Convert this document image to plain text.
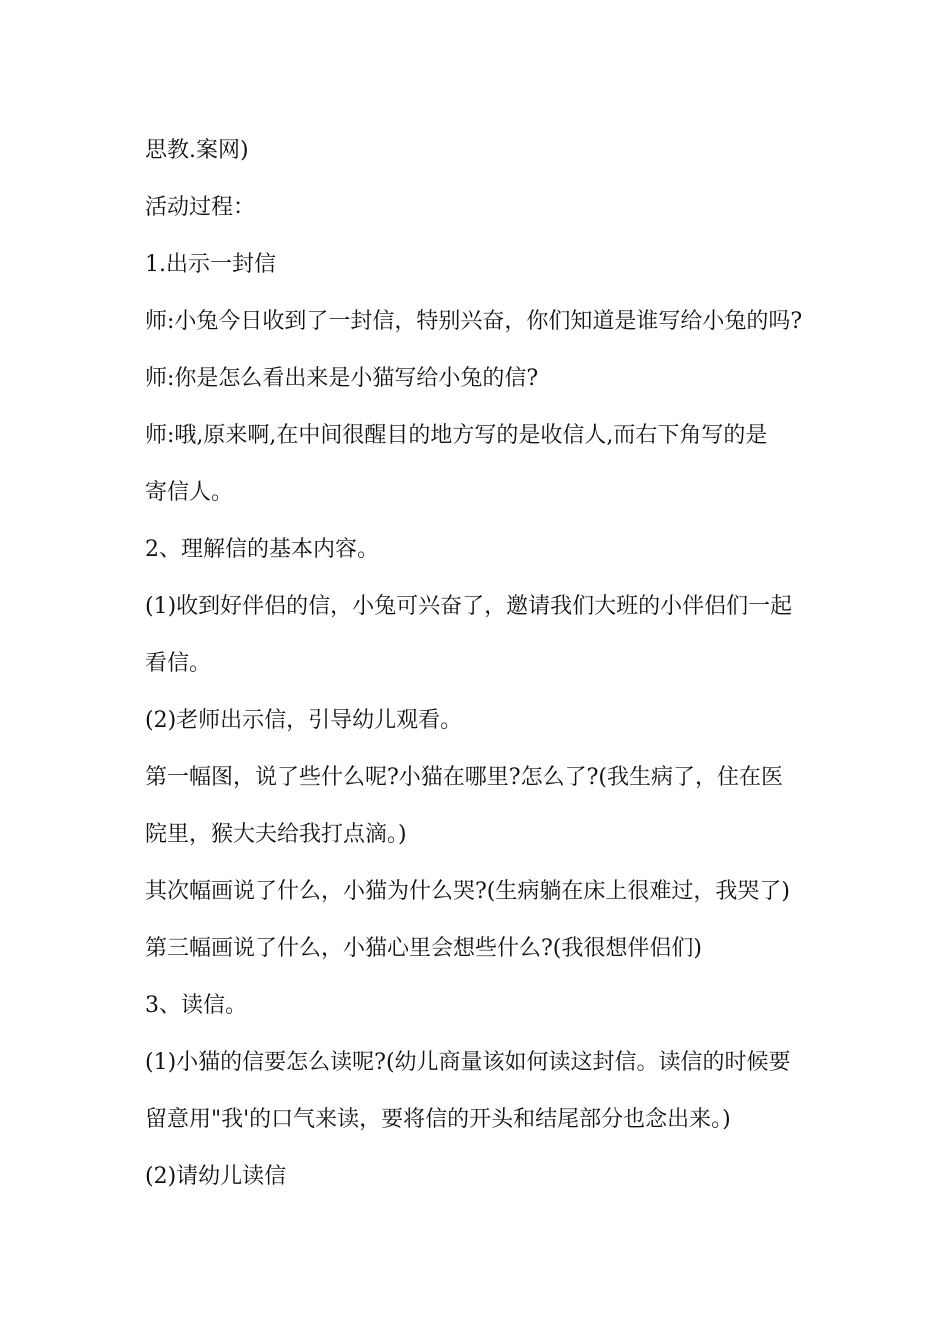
思教.案网)

活动过程：

1.出示一封信

师:小兔今日收到了一封信，特别兴奋，你们知道是谁写给小兔的吗?

师:你是怎么看出来是小猫写给小兔的信?

师:哦,原来啊,在中间很醒目的地方写的是收信人,而右下角写的是

寄信人。

2、理解信的基本内容。

(1)收到好伴侣的信，小兔可兴奋了，邀请我们大班的小伴侣们一起

看信。

(2)老师出示信，引导幼儿观看。

第一幅图，说了些什么呢?小猫在哪里?怎么了?(我生病了，住在医

院里，猴大夫给我打点滴。)

其次幅画说了什么，小猫为什么哭?(生病躺在床上很难过，我哭了)

第三幅画说了什么，小猫心里会想些什么?(我很想伴侣们)

3、读信。

(1)小猫的信要怎么读呢?(幼儿商量该如何读这封信。读信的时候要

留意用"我'的口气来读，要将信的开头和结尾部分也念出来。)

(2)请幼儿读信
